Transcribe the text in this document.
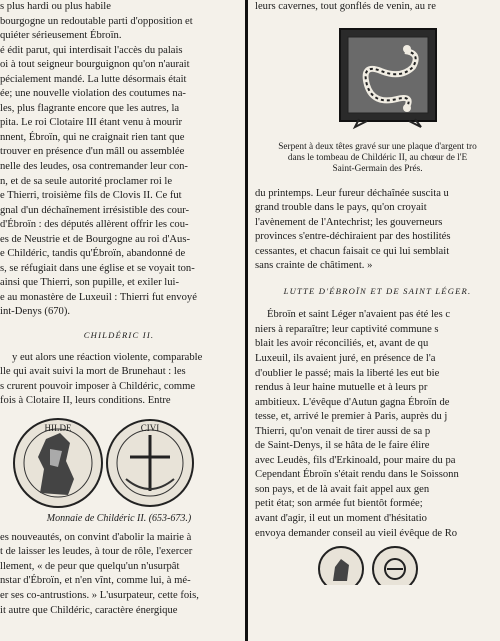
s plus hardi ou plus habile
bourgogne un redoutable parti d'opposition et
quiéter sérieusement Ébroïn.
é édit parut, qui interdisait l'accès du palais
oi à tout seigneur bourguignon qu'on n'aurait
pécialement mandé. La lutte désormais était
ée; une nouvelle violation des coutumes na-
les, plus flagrante encore que les autres, la
pita. Le roi Clotaire III étant venu à mourir
nnent, Ébroïn, qui ne craignait rien tant que
trouver en présence d'un mâll ou assemblée
nelle des leudes, osa contremander leur con-
n, et de sa seule autorité proclamer roi le
e Thierri, troisième fils de Clovis II. Ce fut
gnal d'un déchaînement irrésistible des cour-
d'Ébroïn : des députés allèrent offrir les cou-
es de Neustrie et de Bourgogne au roi d'Aus-
e Childéric, tandis qu'Ébroïn, abandonné de
s, se réfugiait dans une église et se voyait ton-
ainsi que Thierri, son pupille, et exiler lui-
e au monastère de Luxeuil : Thierri fut envoyé
int-Denys (670).
CHILDÉRIC II.
y eut alors une réaction violente, comparable
lle qui avait suivi la mort de Brunehaut : les
s crurent pouvoir imposer à Childéric, comme
fois à Clotaire II, leurs conditions. Entre
HILDE	CIVI
Monnaie de Childéric II. (653-673.)
es nouveautés, on convint d'abolir la mairie à
t de laisser les leudes, à tour de rôle, l'exercer
llement, « de peur que quelqu'un n'usurpât
nstar d'Ébroïn, et n'en vînt, comme lui, à mé-
er ses co-antrustions. » L'usurpateur, cette fois,
it autre que Childéric, caractère énergique
leurs cavernes, tout gonflés de venin, au re
Serpent à deux têtes gravé sur une plaque d'argent tro
dans le tombeau de Childéric II, au chœur de l'É
Saint-Germain des Prés.
du printemps. Leur fureur déchaînée suscita u
grand trouble dans le pays, qu'on croyait
l'avènement de l'Antechrist; les gouverneurs
provinces s'entre-déchiraient par des hostilités
cessantes, et chacun faisait ce qui lui semblait
sans crainte de châtiment. »
LUTTE D'ÉBROÏN ET DE SAINT LÉGER.
Ébroïn et saint Léger n'avaient pas été les c
niers à reparaître; leur captivité commune s
blait les avoir réconciliés, et, avant de qu
Luxeuil, ils avaient juré, en présence de l'a
d'oublier le passé; mais la liberté les eut bie
rendus à leur haine mutuelle et à leurs pr
ambitieux. L'évêque d'Autun gagna Ébroïn de
tesse, et, arrivé le premier à Paris, auprès du j
Thierri, qu'on venait de tirer aussi de sa p
de Saint-Denys, il se hâta de le faire élire
avec Leudès, fils d'Erkinoald, pour maire du pa
Cependant Ébroïn s'était rendu dans le Soissonn
son pays, et de là avait fait appel aux gen
petit état; son armée fut bientôt formée;
avant d'agir, il eut un moment d'hésitatio
envoya demander conseil au vieil évêque de Ro
